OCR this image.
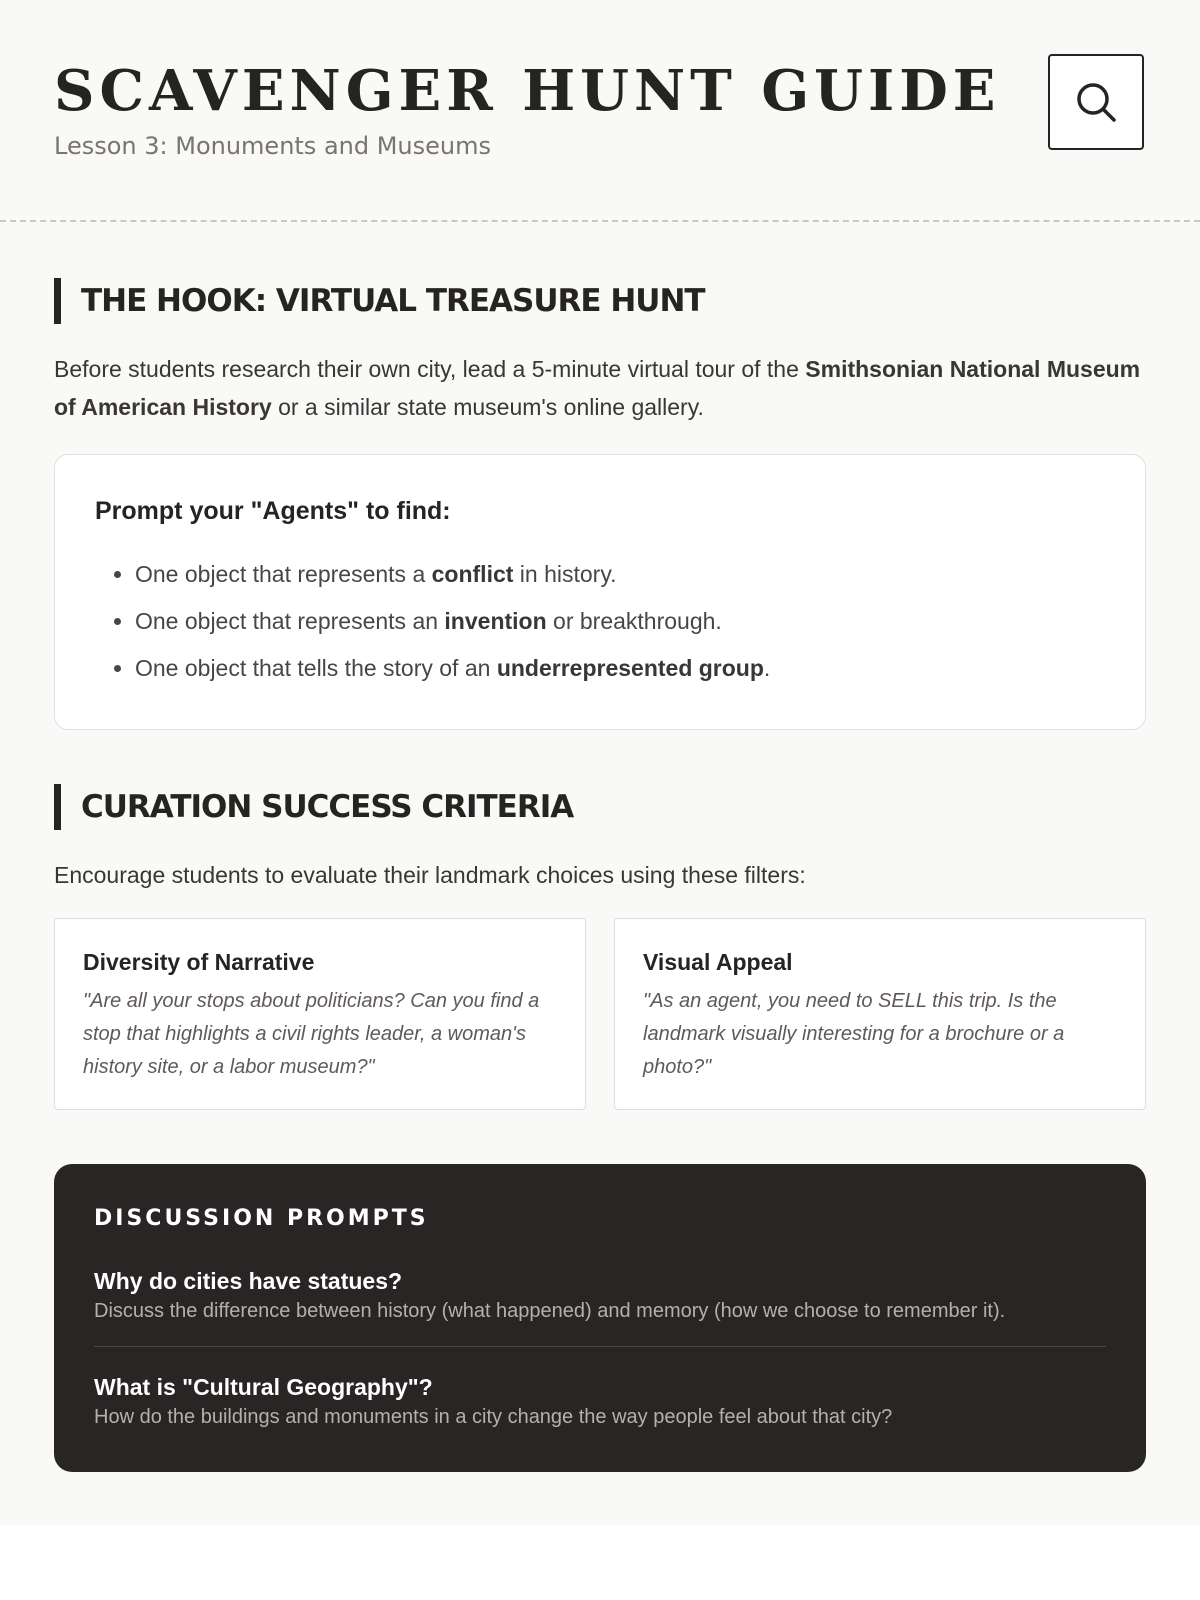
SCAVENGER HUNT GUIDE
Lesson 3: Monuments and Museums
THE HOOK: VIRTUAL TREASURE HUNT
Before students research their own city, lead a 5-minute virtual tour of the Smithsonian National Museum of American History or a similar state museum's online gallery.
Prompt your "Agents" to find:
• One object that represents a conflict in history.
• One object that represents an invention or breakthrough.
• One object that tells the story of an underrepresented group.
CURATION SUCCESS CRITERIA
Encourage students to evaluate their landmark choices using these filters:
Diversity of Narrative
"Are all your stops about politicians? Can you find a stop that highlights a civil rights leader, a woman's history site, or a labor museum?"
Visual Appeal
"As an agent, you need to SELL this trip. Is the landmark visually interesting for a brochure or a photo?"
DISCUSSION PROMPTS
Why do cities have statues?
Discuss the difference between history (what happened) and memory (how we choose to remember it).
What is "Cultural Geography"?
How do the buildings and monuments in a city change the way people feel about that city?
